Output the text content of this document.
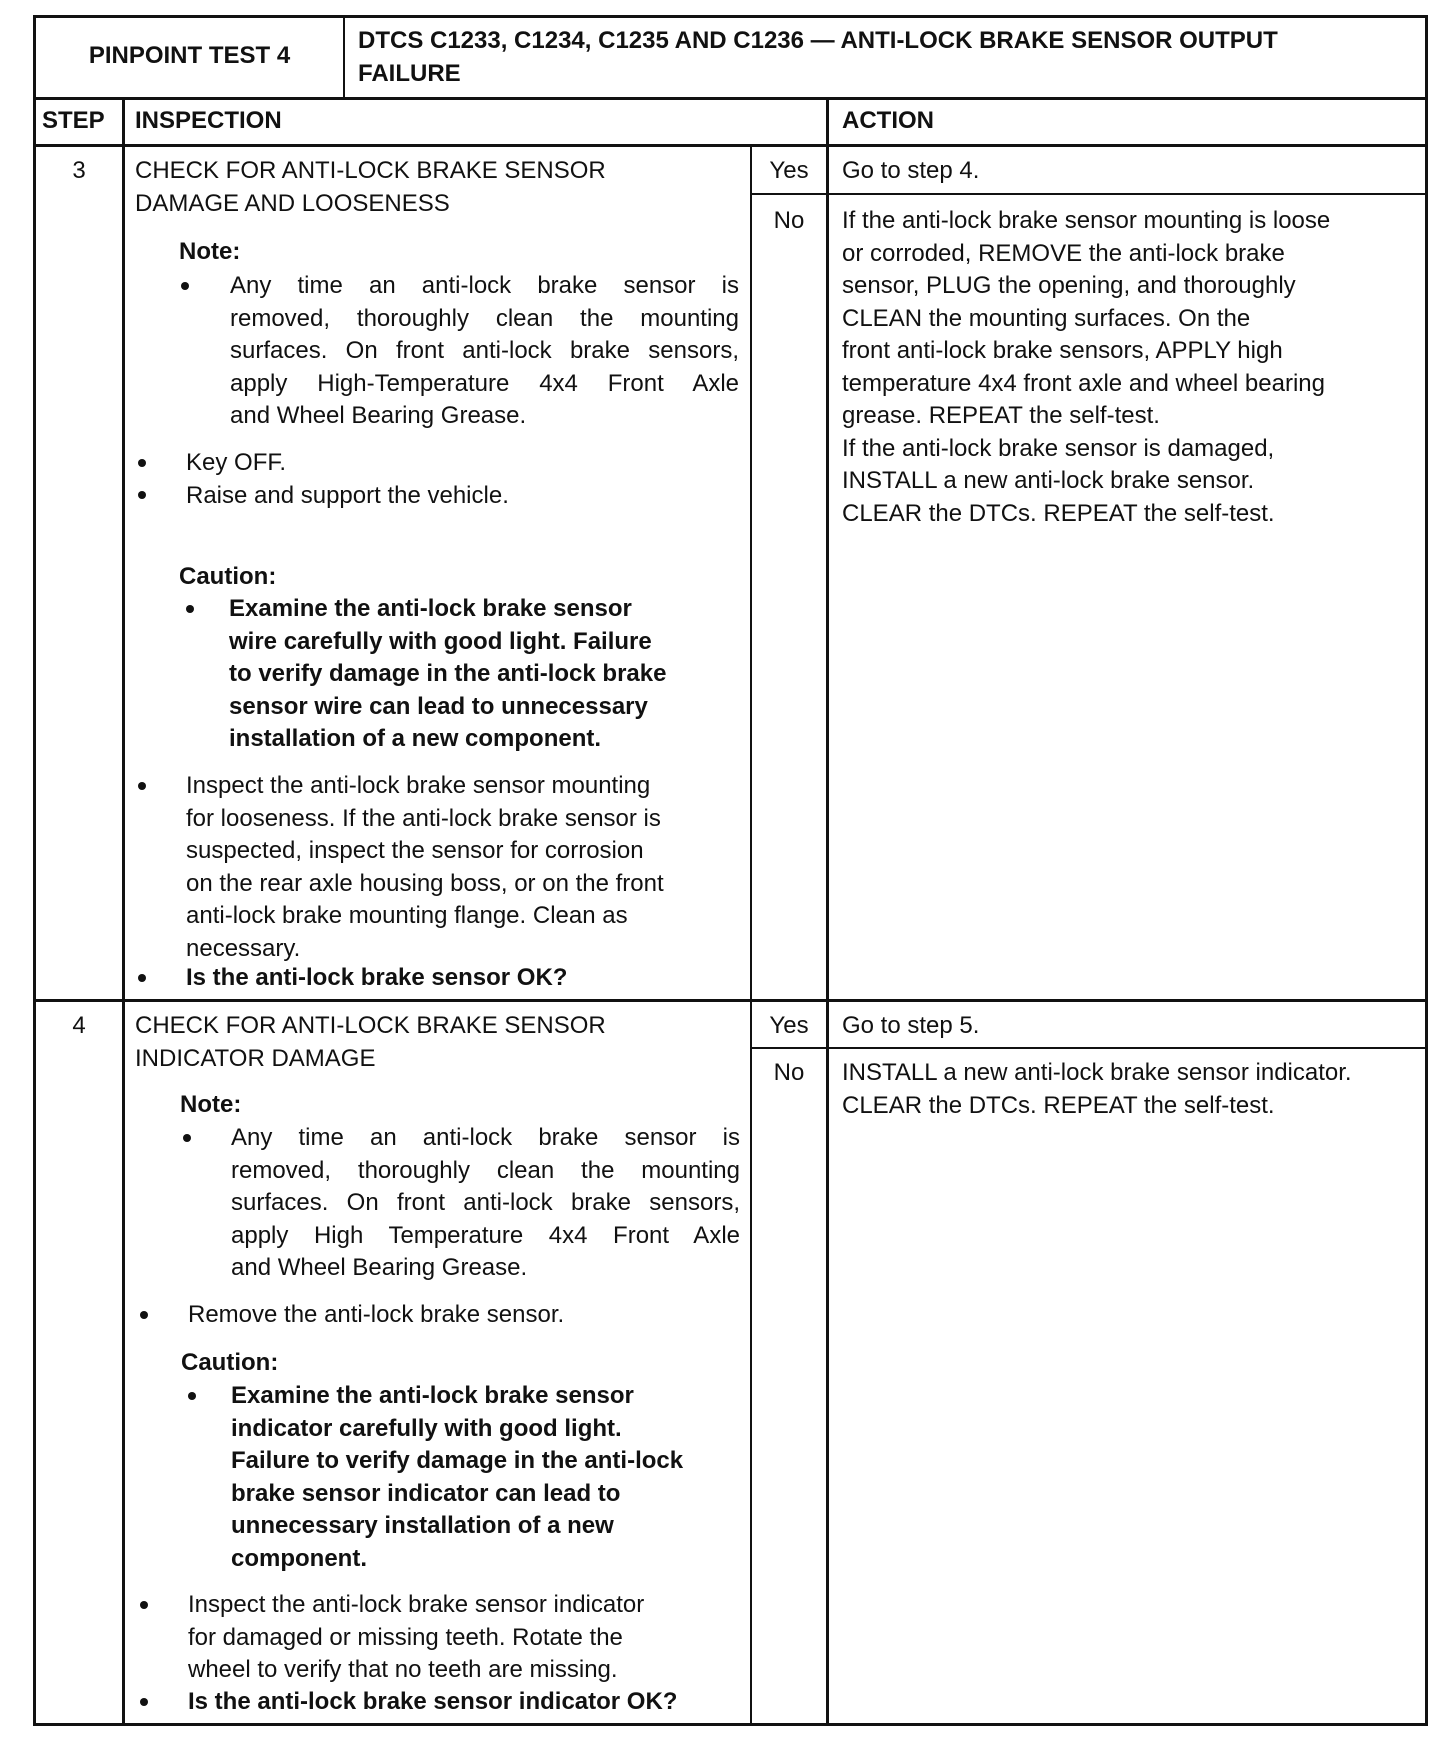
PINPOINT TEST 4
DTCS C1233, C1234, C1235 AND C1236 — ANTI-LOCK BRAKE SENSOR OUTPUT
FAILURE
STEP INSPECTION	ACTION
3	CHECK FOR ANTI-LOCK BRAKE SENSOR
DAMAGE AND LOOSENESS
Note:
Any time an anti-lock brake sensor is
removed, thoroughly clean the mounting
surfaces. On front anti-lock brake sensors,
apply High-Temperature 4x4 Front Axle
and Wheel Bearing Grease.
Key OFF.
Raise and support the vehicle.
Caution:
Examine the anti-lock brake sensor
wire carefully with good light. Failure
to verify damage in the anti-lock brake
sensor wire can lead to unnecessary
installation of a new component.
Inspect the anti-lock brake sensor mounting
for looseness. If the anti-lock brake sensor is
suspected, inspect the sensor for corrosion
on the rear axle housing boss, or on the front
anti-lock brake mounting flange. Clean as
necessary.
Is the anti-lock brake sensor OK?
Yes	Go to step 4.
No	If the anti-lock brake sensor mounting is loose
or corroded, REMOVE the anti-lock brake
sensor, PLUG the opening, and thoroughly
CLEAN the mounting surfaces. On the
front anti-lock brake sensors, APPLY high
temperature 4x4 front axle and wheel bearing
grease. REPEAT the self-test.
If the anti-lock brake sensor is damaged,
INSTALL a new anti-lock brake sensor.
CLEAR the DTCs. REPEAT the self-test.
4	CHECK FOR ANTI-LOCK BRAKE SENSOR
INDICATOR DAMAGE
Note:
Any time an anti-lock brake sensor is
removed, thoroughly clean the mounting
surfaces. On front anti-lock brake sensors,
apply High Temperature 4x4 Front Axle
and Wheel Bearing Grease.
Remove the anti-lock brake sensor.
Caution:
Examine the anti-lock brake sensor
indicator carefully with good light.
Failure to verify damage in the anti-lock
brake sensor indicator can lead to
unnecessary installation of a new
component.
Inspect the anti-lock brake sensor indicator
for damaged or missing teeth. Rotate the
wheel to verify that no teeth are missing.
Is the anti-lock brake sensor indicator OK?
Yes	Go to step 5.
No	INSTALL a new anti-lock brake sensor indicator.
CLEAR the DTCs. REPEAT the self-test.
